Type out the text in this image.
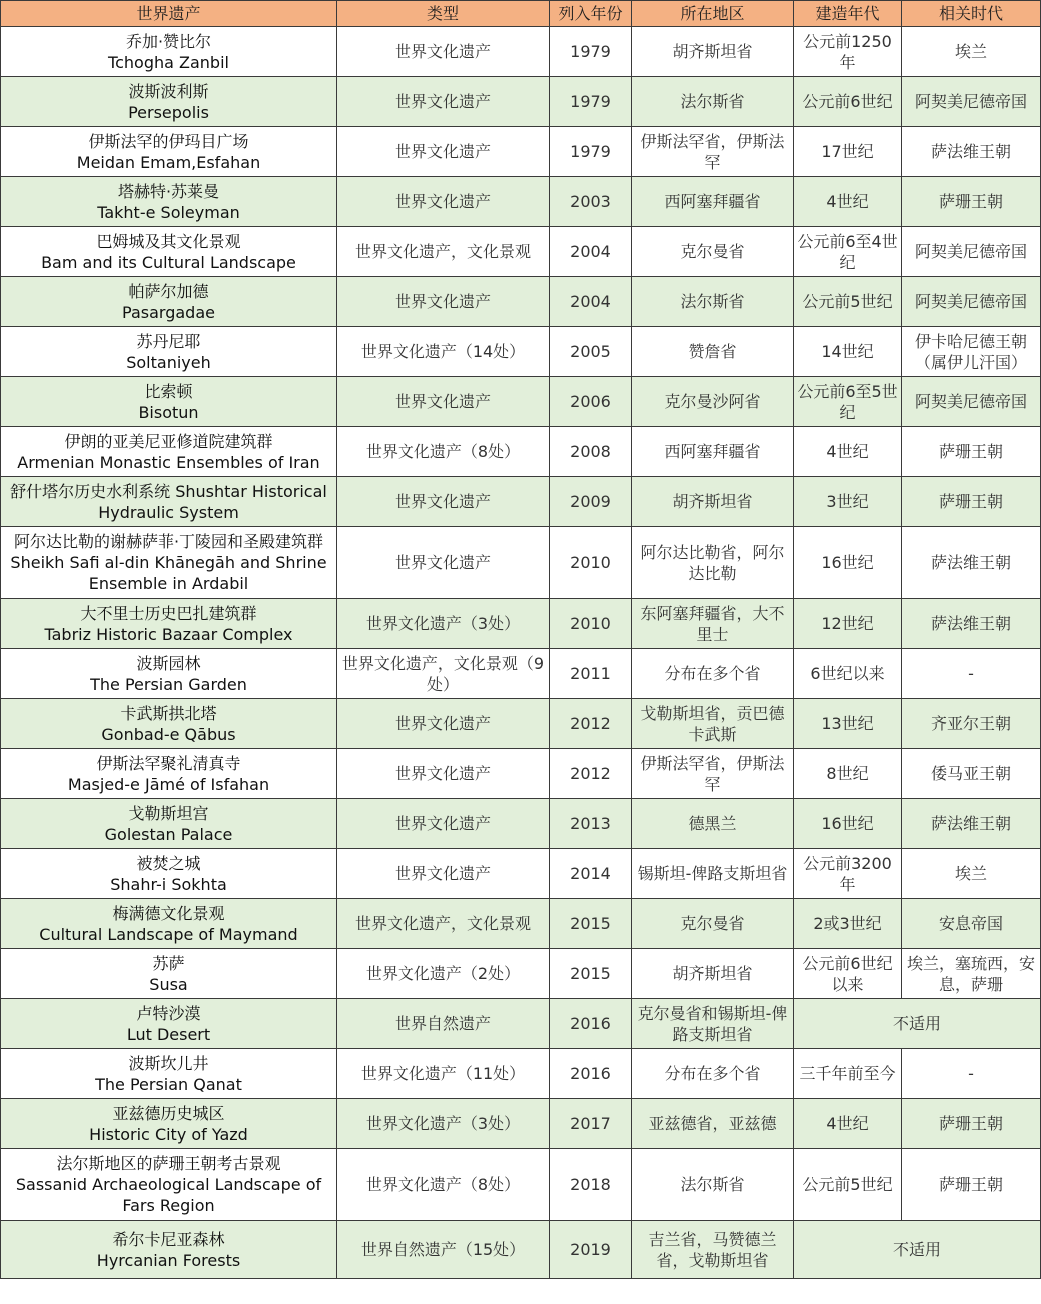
世界遗产	类型	列入年份	所在地区	建造年代	相关时代

乔加·赞比尔
Tchogha Zanbil	世界文化遗产	1979	胡齐斯坦省	公元前1250年	埃兰

波斯波利斯
Persepolis	世界文化遗产	1979	法尔斯省	公元前6世纪	阿契美尼德帝国

伊斯法罕的伊玛目广场
Meidan Emam,Esfahan	世界文化遗产	1979	伊斯法罕省，伊斯法罕	17世纪	萨法维王朝

塔赫特·苏莱曼
Takht-e Soleyman	世界文化遗产	2003	西阿塞拜疆省	4世纪	萨珊王朝

巴姆城及其文化景观
Bam and its Cultural Landscape	世界文化遗产，文化景观	2004	克尔曼省	公元前6至4世纪	阿契美尼德帝国

帕萨尔加德
Pasargadae	世界文化遗产	2004	法尔斯省	公元前5世纪	阿契美尼德帝国

苏丹尼耶
Soltaniyeh	世界文化遗产（14处）	2005	赞詹省	14世纪	伊卡哈尼德王朝（属伊儿汗国）

比索顿
Bisotun	世界文化遗产	2006	克尔曼沙阿省	公元前6至5世纪	阿契美尼德帝国

伊朗的亚美尼亚修道院建筑群
Armenian Monastic Ensembles of Iran	世界文化遗产（8处）	2008	西阿塞拜疆省	4世纪	萨珊王朝

舒什塔尔历史水利系统 Shushtar Historical
Hydraulic System	世界文化遗产	2009	胡齐斯坦省	3世纪	萨珊王朝

阿尔达比勒的谢赫萨菲·丁陵园和圣殿建筑群
Sheikh Safi al-din Khānegāh and Shrine Ensemble in Ardabil	世界文化遗产	2010	阿尔达比勒省，阿尔达比勒	16世纪	萨法维王朝

大不里士历史巴扎建筑群
Tabriz Historic Bazaar Complex	世界文化遗产（3处）	2010	东阿塞拜疆省，大不里士	12世纪	萨法维王朝

波斯园林
The Persian Garden	世界文化遗产，文化景观（9处）	2011	分布在多个省	6世纪以来	-

卡武斯拱北塔
Gonbad-e Qābus	世界文化遗产	2012	戈勒斯坦省，贡巴德卡武斯	13世纪	齐亚尔王朝

伊斯法罕聚礼清真寺
Masjed-e Jāmé of Isfahan	世界文化遗产	2012	伊斯法罕省，伊斯法罕	8世纪	倭马亚王朝

戈勒斯坦宫
Golestan Palace	世界文化遗产	2013	德黑兰	16世纪	萨法维王朝

被焚之城
Shahr-i Sokhta	世界文化遗产	2014	锡斯坦-俾路支斯坦省	公元前3200年	埃兰

梅满德文化景观
Cultural Landscape of Maymand	世界文化遗产，文化景观	2015	克尔曼省	2或3世纪	安息帝国

苏萨
Susa	世界文化遗产（2处）	2015	胡齐斯坦省	公元前6世纪以来	埃兰，塞琉西，安息，萨珊

卢特沙漠
Lut Desert	世界自然遗产	2016	克尔曼省和锡斯坦-俾路支斯坦省	不适用	

波斯坎儿井
The Persian Qanat	世界文化遗产（11处）	2016	分布在多个省	三千年前至今	-

亚兹德历史城区
Historic City of Yazd	世界文化遗产（3处）	2017	亚兹德省，亚兹德	4世纪	萨珊王朝

法尔斯地区的萨珊王朝考古景观
Sassanid Archaeological Landscape of Fars Region	世界文化遗产（8处）	2018	法尔斯省	公元前5世纪	萨珊王朝

希尔卡尼亚森林
Hyrcanian Forests	世界自然遗产（15处）	2019	吉兰省，马赞德兰省，戈勒斯坦省	不适用	
